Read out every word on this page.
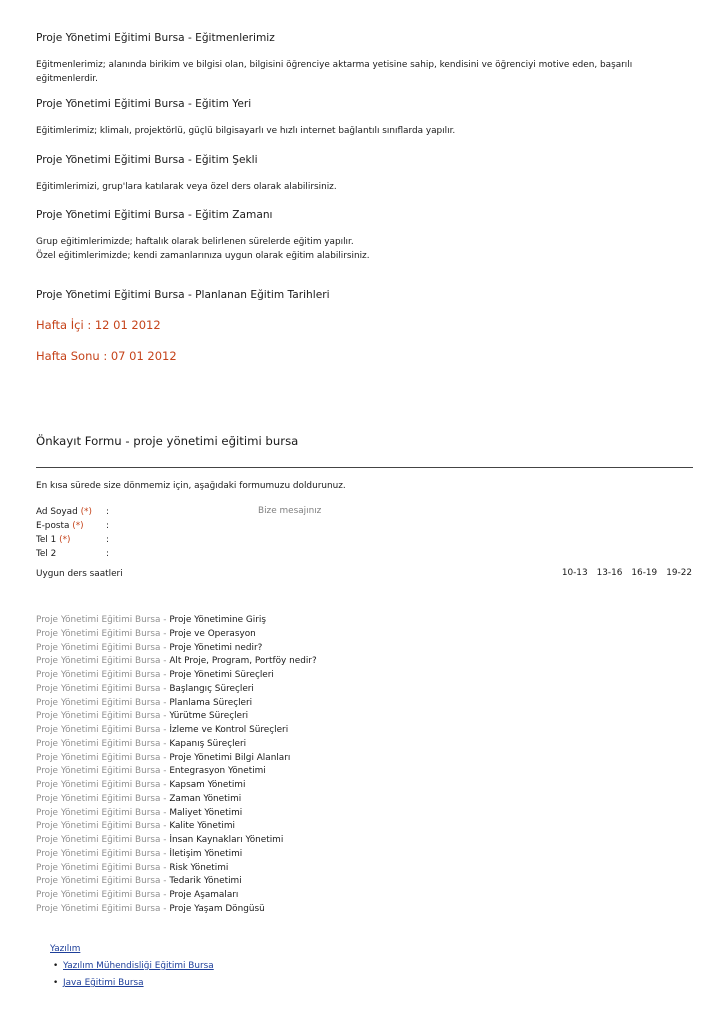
Proje Yönetimi Eğitimi Bursa - Eğitmenlerimiz
Eğitmenlerimiz; alanında birikim ve bilgisi olan, bilgisini öğrenciye aktarma yetisine sahip, kendisini ve öğrenciyi motive eden, başarılı eğitmenlerdir.
Proje Yönetimi Eğitimi Bursa - Eğitim Yeri
Eğitimlerimiz; klimalı, projektörlü, güçlü bilgisayarlı ve hızlı internet bağlantılı sınıflarda yapılır.
Proje Yönetimi Eğitimi Bursa - Eğitim Şekli
Eğitimlerimizi, grup'lara katılarak veya özel ders olarak alabilirsiniz.
Proje Yönetimi Eğitimi Bursa - Eğitim Zamanı
Grup eğitimlerimizde; haftalık olarak belirlenen sürelerde eğitim yapılır.
Özel eğitimlerimizde; kendi zamanlarınıza uygun olarak eğitim alabilirsiniz.
Proje Yönetimi Eğitimi Bursa - Planlanan Eğitim Tarihleri
Hafta İçi : 12 01 2012
Hafta Sonu : 07 01 2012
Önkayıt Formu - proje yönetimi eğitimi bursa
En kısa sürede size dönmemiz için, aşağıdaki formumuzu doldurunuz.
Ad Soyad (*) :	Bize mesajınız
E-posta (*)	:
Tel 1 (*)	:
Tel 2	:
Uygun ders saatleri	10-13 13-16 16-19 19-22
Proje Yönetimi Eğitimi Bursa - Proje Yönetimine Giriş
Proje Yönetimi Eğitimi Bursa - Proje ve Operasyon
Proje Yönetimi Eğitimi Bursa - Proje Yönetimi nedir?
Proje Yönetimi Eğitimi Bursa - Alt Proje, Program, Portföy nedir?
Proje Yönetimi Eğitimi Bursa - Proje Yönetimi Süreçleri
Proje Yönetimi Eğitimi Bursa - Başlangıç Süreçleri
Proje Yönetimi Eğitimi Bursa - Planlama Süreçleri
Proje Yönetimi Eğitimi Bursa - Yürütme Süreçleri
Proje Yönetimi Eğitimi Bursa - İzleme ve Kontrol Süreçleri
Proje Yönetimi Eğitimi Bursa - Kapanış Süreçleri
Proje Yönetimi Eğitimi Bursa - Proje Yönetimi Bilgi Alanları
Proje Yönetimi Eğitimi Bursa - Entegrasyon Yönetimi
Proje Yönetimi Eğitimi Bursa - Kapsam Yönetimi
Proje Yönetimi Eğitimi Bursa - Zaman Yönetimi
Proje Yönetimi Eğitimi Bursa - Maliyet Yönetimi
Proje Yönetimi Eğitimi Bursa - Kalite Yönetimi
Proje Yönetimi Eğitimi Bursa - İnsan Kaynakları Yönetimi
Proje Yönetimi Eğitimi Bursa - İletişim Yönetimi
Proje Yönetimi Eğitimi Bursa - Risk Yönetimi
Proje Yönetimi Eğitimi Bursa - Tedarik Yönetimi
Proje Yönetimi Eğitimi Bursa - Proje Aşamaları
Proje Yönetimi Eğitimi Bursa - Proje Yaşam Döngüsü
Yazılım
• Yazılım Mühendisliği Eğitimi Bursa
• Java Eğitimi Bursa
